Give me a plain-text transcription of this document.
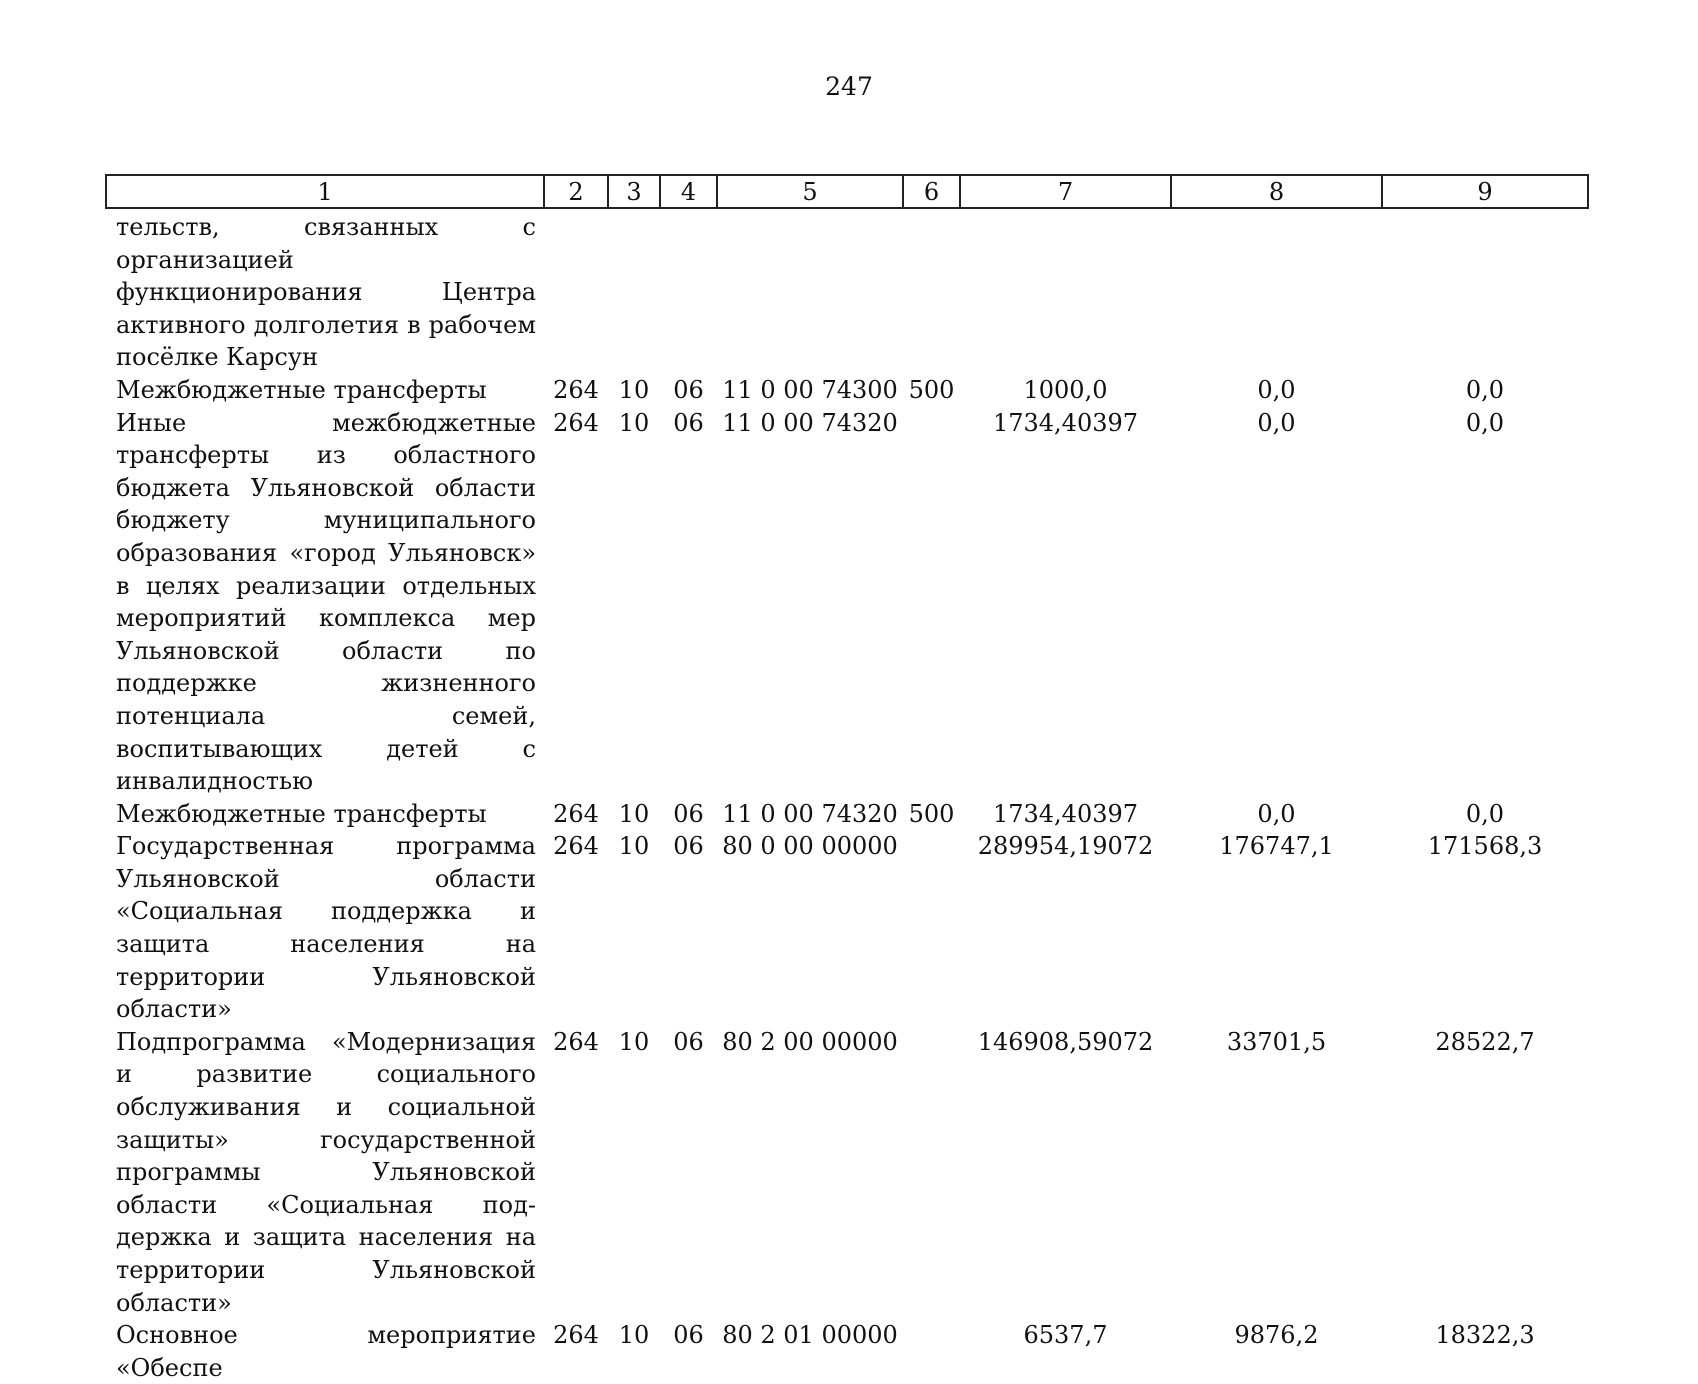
247
1	2	3	4	5	6	7	8	9
тельств, связанных с организацией функционирования Центра активного долголетия в рабочем посёлке Карсун								
Межбюджетные трансферты	264	10	06	11 0 00 74300	500	1000,0	0,0	0,0
Иные межбюджетные трансферты из областного бюджета Ульяновской области бюджету муниципального образования «город Ульяновск» в целях реализации отдельных мероприятий комплекса мер Ульяновской области по поддержке жизненного потенциала семей, воспитывающих детей с инвалидностью	264	10	06	11 0 00 74320		1734,40397	0,0	0,0
Межбюджетные трансферты	264	10	06	11 0 00 74320	500	1734,40397	0,0	0,0
Государственная программа Ульяновской области «Социальная поддержка и защита населения на территории Ульяновской области»	264	10	06	80 0 00 00000		289954,19072	176747,1	171568,3
Подпрограмма «Модернизация и развитие социального обслуживания и социальной защиты» государственной программы Ульяновской области «Социальная поддержка и защита населения на территории Ульяновской области»	264	10	06	80 2 00 00000		146908,59072	33701,5	28522,7
Основное мероприятие «Обеспе	264	10	06	80 2 01 00000		6537,7	9876,2	18322,3
